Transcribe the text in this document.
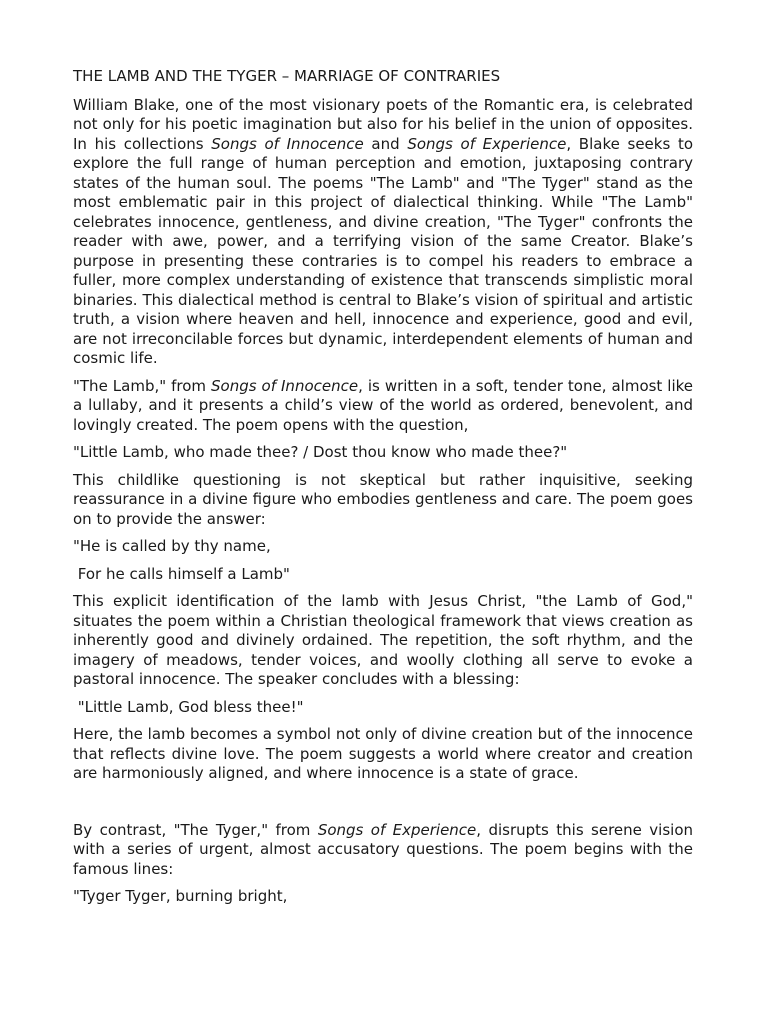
THE LAMB AND THE TYGER – MARRIAGE OF CONTRARIES

William Blake, one of the most visionary poets of the Romantic era, is celebrated not only for his poetic imagination but also for his belief in the union of opposites. In his collections Songs of Innocence and Songs of Experience, Blake seeks to explore the full range of human perception and emotion, juxtaposing contrary states of the human soul. The poems "The Lamb" and "The Tyger" stand as the most emblematic pair in this project of dialectical thinking. While "The Lamb" celebrates innocence, gentleness, and divine creation, "The Tyger" confronts the reader with awe, power, and a terrifying vision of the same Creator. Blake’s purpose in presenting these contraries is to compel his readers to embrace a fuller, more complex understanding of existence that transcends simplistic moral binaries. This dialectical method is central to Blake’s vision of spiritual and artistic truth, a vision where heaven and hell, innocence and experience, good and evil, are not irreconcilable forces but dynamic, interdependent elements of human and cosmic life.

"The Lamb," from Songs of Innocence, is written in a soft, tender tone, almost like a lullaby, and it presents a child’s view of the world as ordered, benevolent, and lovingly created. The poem opens with the question,

"Little Lamb, who made thee? / Dost thou know who made thee?"

This childlike questioning is not skeptical but rather inquisitive, seeking reassurance in a divine figure who embodies gentleness and care. The poem goes on to provide the answer:

"He is called by thy name,

For he calls himself a Lamb"

This explicit identification of the lamb with Jesus Christ, "the Lamb of God," situates the poem within a Christian theological framework that views creation as inherently good and divinely ordained. The repetition, the soft rhythm, and the imagery of meadows, tender voices, and woolly clothing all serve to evoke a pastoral innocence. The speaker concludes with a blessing:

"Little Lamb, God bless thee!"

Here, the lamb becomes a symbol not only of divine creation but of the innocence that reflects divine love. The poem suggests a world where creator and creation are harmoniously aligned, and where innocence is a state of grace.

By contrast, "The Tyger," from Songs of Experience, disrupts this serene vision with a series of urgent, almost accusatory questions. The poem begins with the famous lines:

"Tyger Tyger, burning bright,
